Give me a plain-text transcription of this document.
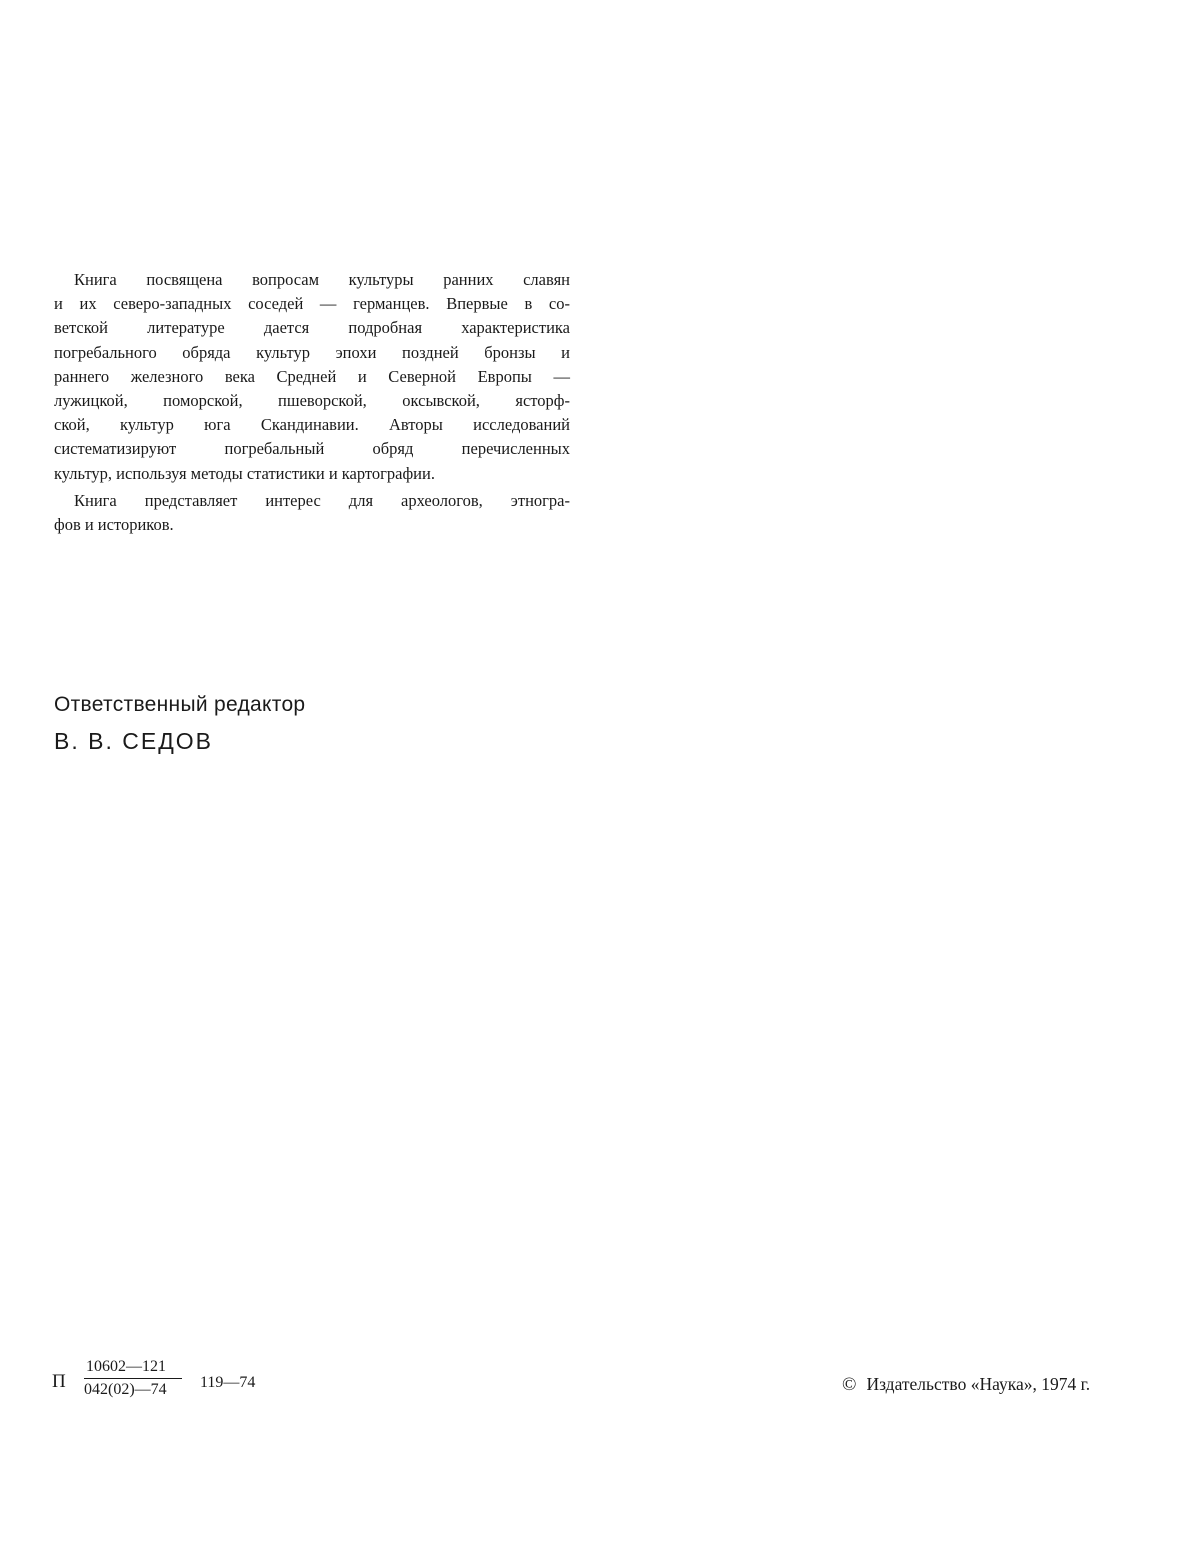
Книга посвящена вопросам культуры ранних славян
и их северо-западных соседей — германцев. Впервые в со-
ветской литературе дается подробная характеристика
погребального обряда культур эпохи поздней бронзы и
раннего железного века Средней и Северной Европы —
лужицкой, поморской, пшеворской, оксывской, ясторф-
ской, культур юга Скандинавии. Авторы исследований
систематизируют погребальный обряд перечисленных
культур, используя методы статистики и картографии.

Книга представляет интерес для археологов, этногра-
фов и историков.

Ответственный редактор
В. В. СЕДОВ
П $\frac{10602—121}{042(02)—74}$ 119—74	© Издательство «Наука», 1974 г.
